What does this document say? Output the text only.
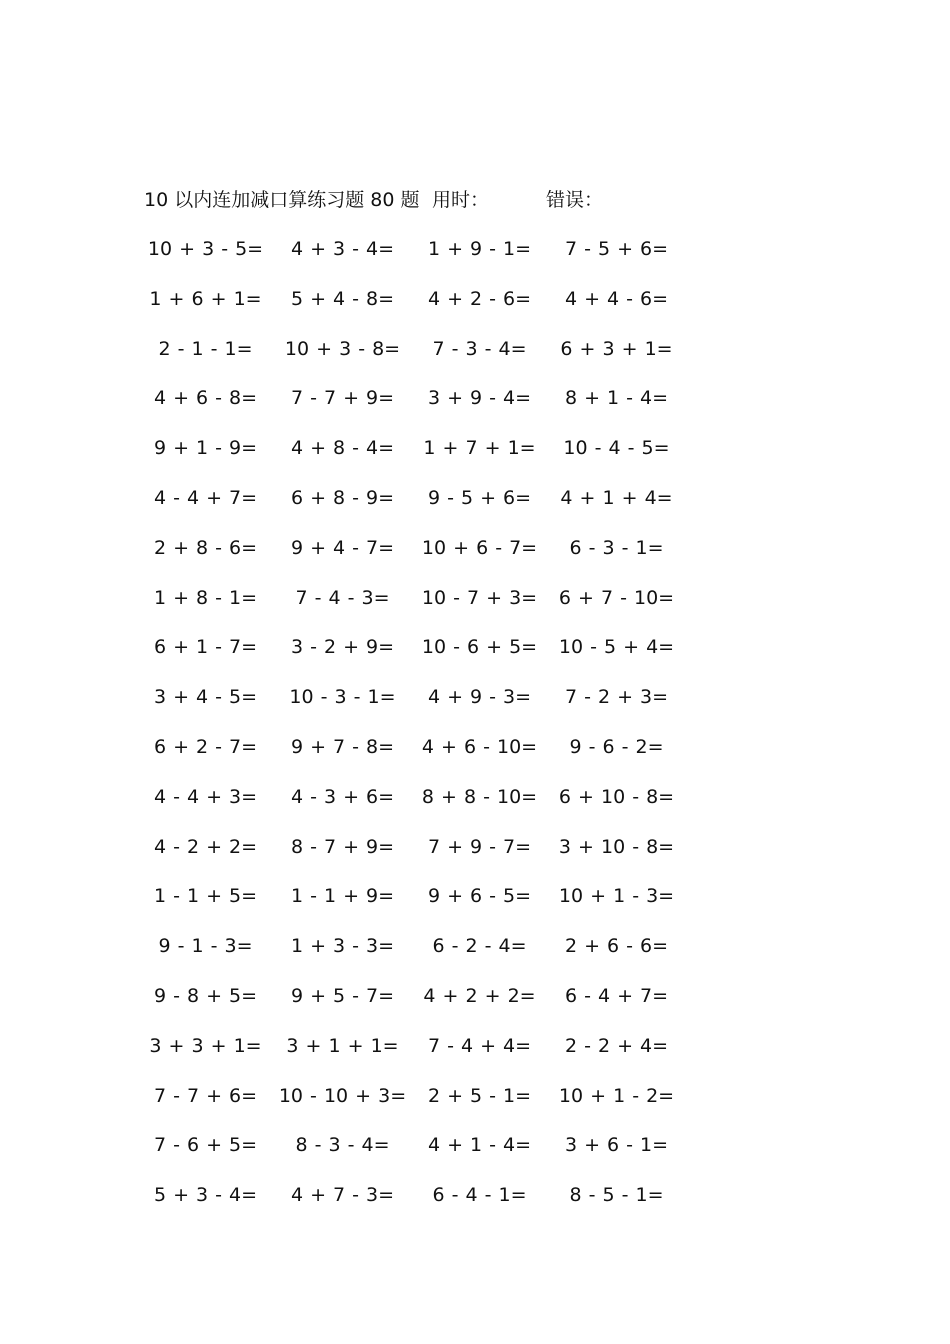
10 以内连加减口算练习题 80 题 用时：	错误：
10 + 3 - 5=	4 + 3 - 4=	1 + 9 - 1=	7 - 5 + 6=
1 + 6 + 1=	5 + 4 - 8=	4 + 2 - 6=	4 + 4 - 6=
2 - 1 - 1=	10 + 3 - 8=	7 - 3 - 4=	6 + 3 + 1=
4 + 6 - 8=	7 - 7 + 9=	3 + 9 - 4=	8 + 1 - 4=
9 + 1 - 9=	4 + 8 - 4=	1 + 7 + 1=	10 - 4 - 5=
4 - 4 + 7=	6 + 8 - 9=	9 - 5 + 6=	4 + 1 + 4=
2 + 8 - 6=	9 + 4 - 7=	10 + 6 - 7=	6 - 3 - 1=
1 + 8 - 1=	7 - 4 - 3=	10 - 7 + 3=	6 + 7 - 10=
6 + 1 - 7=	3 - 2 + 9=	10 - 6 + 5=	10 - 5 + 4=
3 + 4 - 5=	10 - 3 - 1=	4 + 9 - 3=	7 - 2 + 3=
6 + 2 - 7=	9 + 7 - 8=	4 + 6 - 10=	9 - 6 - 2=
4 - 4 + 3=	4 - 3 + 6=	8 + 8 - 10=	6 + 10 - 8=
4 - 2 + 2=	8 - 7 + 9=	7 + 9 - 7=	3 + 10 - 8=
1 - 1 + 5=	1 - 1 + 9=	9 + 6 - 5=	10 + 1 - 3=
9 - 1 - 3=	1 + 3 - 3=	6 - 2 - 4=	2 + 6 - 6=
9 - 8 + 5=	9 + 5 - 7=	4 + 2 + 2=	6 - 4 + 7=
3 + 3 + 1=	3 + 1 + 1=	7 - 4 + 4=	2 - 2 + 4=
7 - 7 + 6=	10 - 10 + 3=	2 + 5 - 1=	10 + 1 - 2=
7 - 6 + 5=	8 - 3 - 4=	4 + 1 - 4=	3 + 6 - 1=
5 + 3 - 4=	4 + 7 - 3=	6 - 4 - 1=	8 - 5 - 1=
